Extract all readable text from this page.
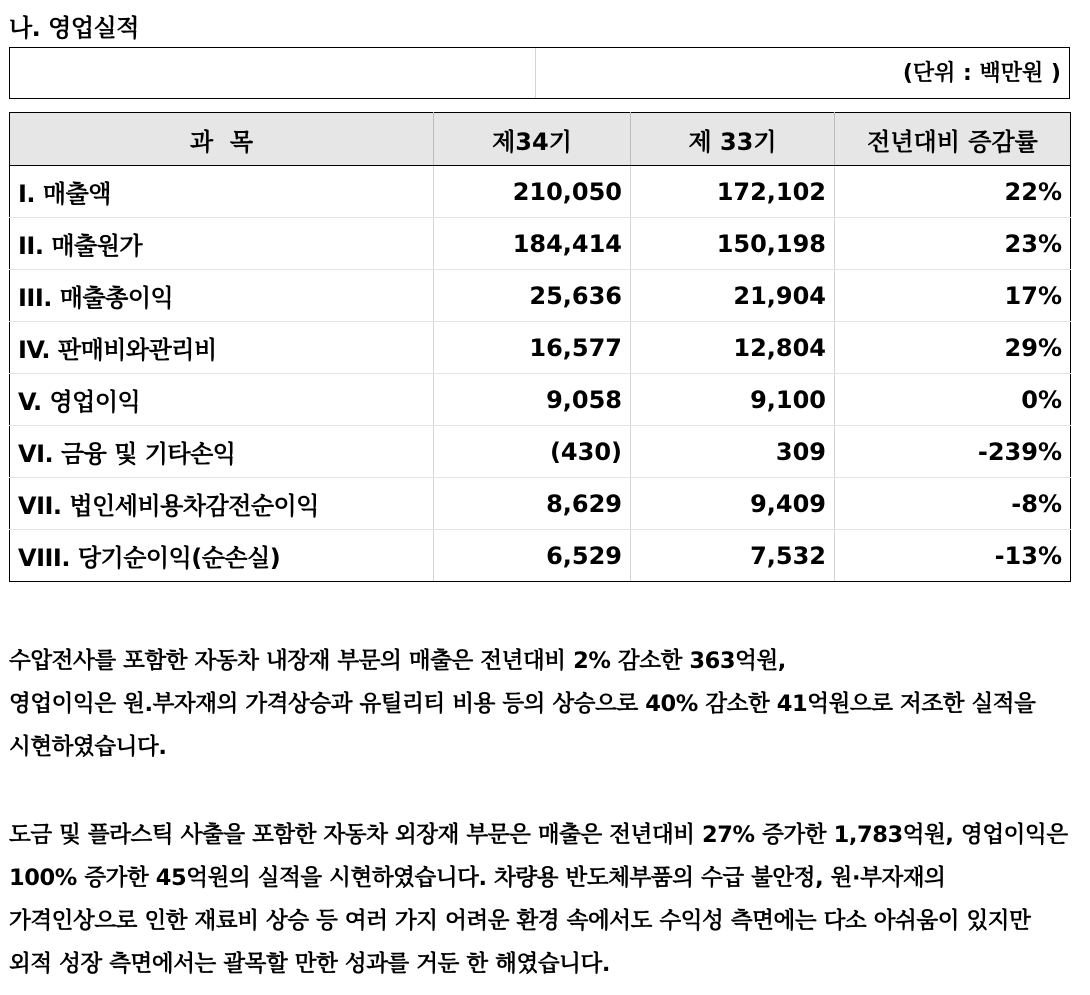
나. 영업실적
(단위 : 백만원 )
과  목	제34기	제 33기	전년대비 증감률
I. 매출액	210,050	172,102	22%
II. 매출원가	184,414	150,198	23%
III. 매출총이익	25,636	21,904	17%
IV. 판매비와관리비	16,577	12,804	29%
V. 영업이익	9,058	9,100	0%
VI. 금융 및 기타손익	(430)	309	-239%
VII. 법인세비용차감전순이익	8,629	9,409	-8%
VIII. 당기순이익(순손실)	6,529	7,532	-13%

수압전사를 포함한 자동차 내장재 부문의 매출은 전년대비 2% 감소한 363억원,

영업이익은 원.부자재의 가격상승과 유틸리티 비용 등의 상승으로 40% 감소한 41억원으로 저조한 실적을 시현하였습니다.

도금 및 플라스틱 사출을 포함한 자동차 외장재 부문은 매출은 전년대비 27% 증가한 1,783억원, 영업이익은 100% 증가한 45억원의 실적을 시현하였습니다. 차량용 반도체부품의 수급 불안정, 원·부자재의 가격인상으로 인한 재료비 상승 등 여러 가지 어려운 환경 속에서도 수익성 측면에는 다소 아쉬움이 있지만 외적 성장 측면에서는 괄목할 만한 성과를 거둔 한 해였습니다.
